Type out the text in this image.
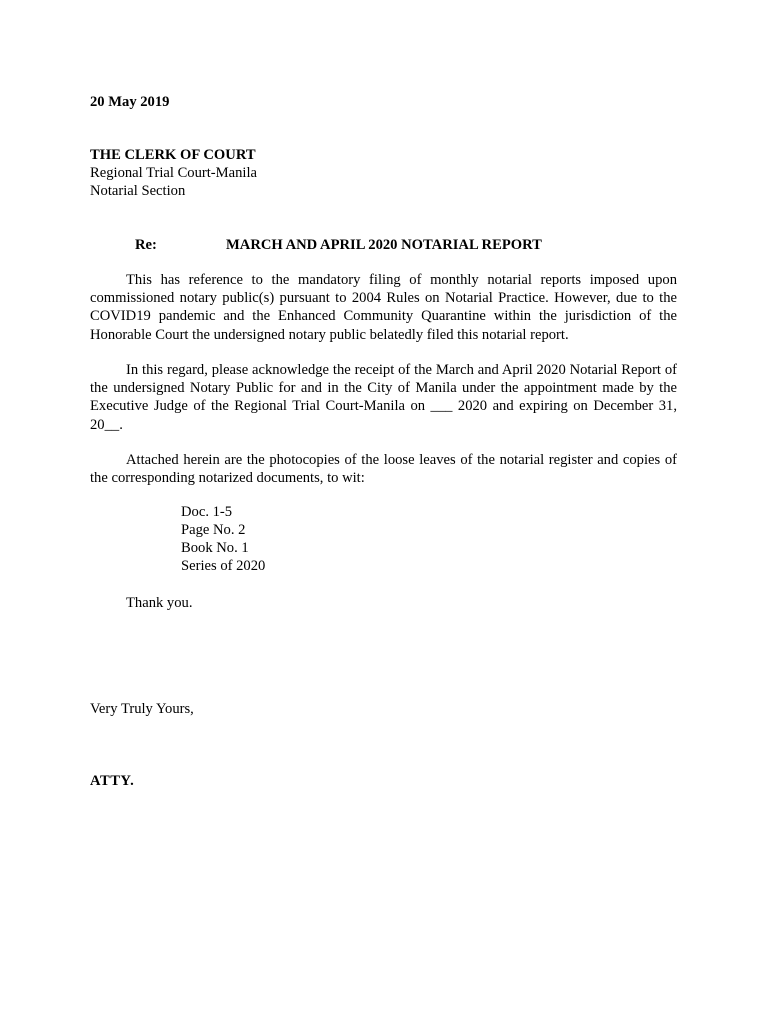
20 May 2019
THE CLERK OF COURT
Regional Trial Court-Manila
Notarial Section
Re:	MARCH AND APRIL 2020 NOTARIAL REPORT
This has reference to the mandatory filing of monthly notarial reports imposed upon commissioned notary public(s) pursuant to 2004 Rules on Notarial Practice. However, due to the COVID19 pandemic and the Enhanced Community Quarantine within the jurisdiction of the Honorable Court the undersigned notary public belatedly filed this notarial report.
In this regard, please acknowledge the receipt of the March and April 2020 Notarial Report of the undersigned Notary Public for and in the City of Manila under the appointment made by the Executive Judge of the Regional Trial Court-Manila on ___ 2020 and expiring on December 31, 20__.
Attached herein are the photocopies of the loose leaves of the notarial register and copies of the corresponding notarized documents, to wit:
Doc. 1-5
Page No. 2
Book No. 1
Series of 2020
Thank you.
Very Truly Yours,
ATTY.
